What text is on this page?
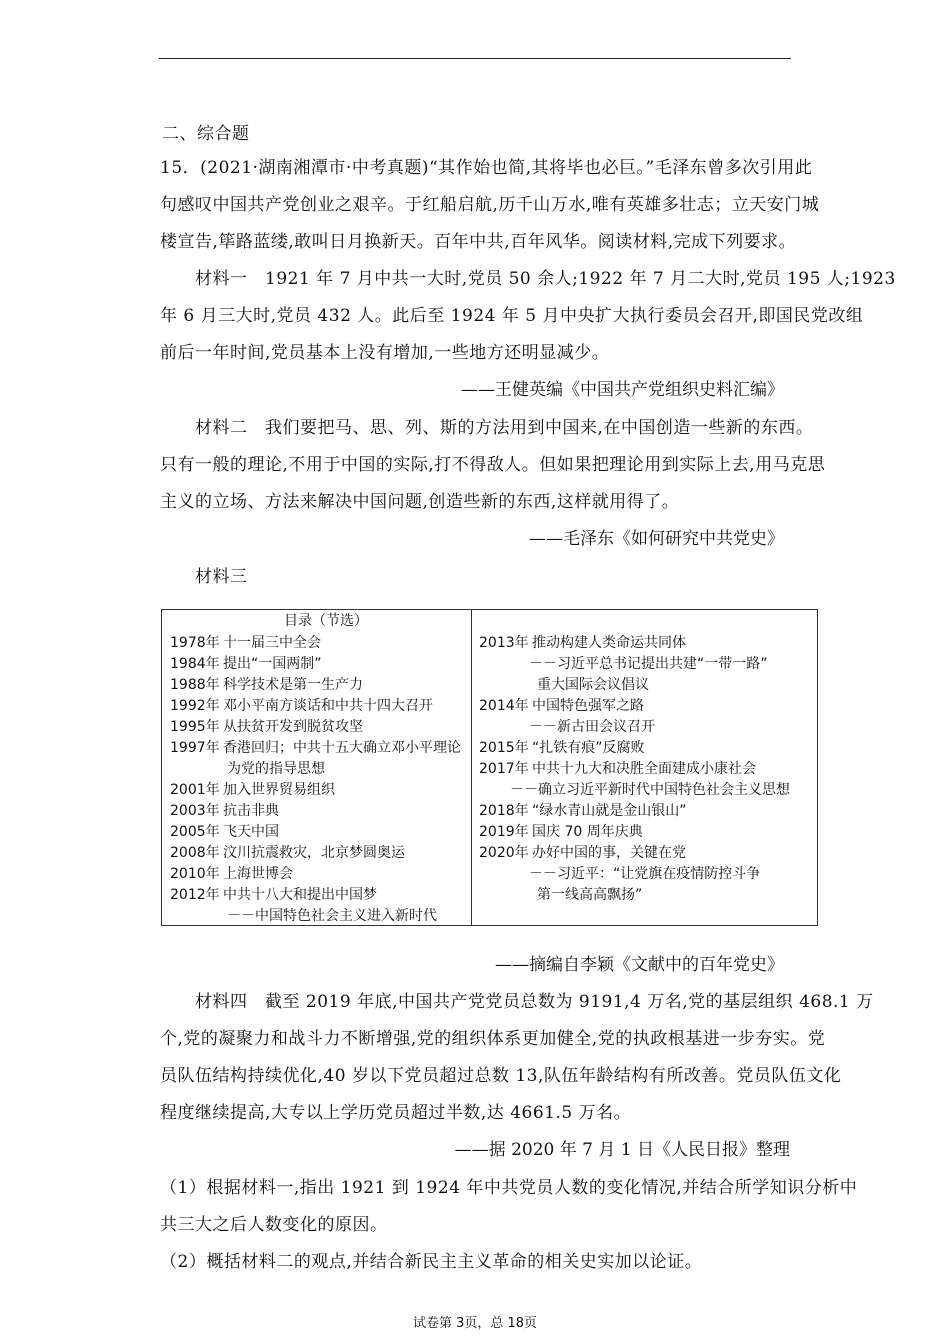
二、综合题
15．(2021·湖南湘潭市·中考真题)“其作始也简,其将毕也必巨。”毛泽东曾多次引用此
句感叹中国共产党创业之艰辛。于红船启航,历千山万水,唯有英雄多壮志；立天安门城
楼宣告,筚路蓝缕,敢叫日月换新天。百年中共,百年风华。阅读材料,完成下列要求。
材料一　1921 年 7 月中共一大时,党员 50 余人;1922 年 7 月二大时,党员 195 人;1923
年 6 月三大时,党员 432 人。此后至 1924 年 5 月中央扩大执行委员会召开,即国民党改组
前后一年时间,党员基本上没有增加,一些地方还明显减少。
——王健英编《中国共产党组织史料汇编》
材料二　我们要把马、思、列、斯的方法用到中国来,在中国创造一些新的东西。
只有一般的理论,不用于中国的实际,打不得敌人。但如果把理论用到实际上去,用马克思
主义的立场、方法来解决中国问题,创造些新的东西,这样就用得了。
——毛泽东《如何研究中共党史》
材料三
目录（节选）
1978年 十一届三中全会
1984年 提出“一国两制”
1988年 科学技术是第一生产力
1992年 邓小平南方谈话和中共十四大召开
1995年 从扶贫开发到脱贫攻坚
1997年 香港回归；中共十五大确立邓小平理论
为党的指导思想
2001年 加入世界贸易组织
2003年 抗击非典
2005年 飞天中国
2008年 汶川抗震救灾，北京梦圆奥运
2010年 上海世博会
2012年 中共十八大和提出中国梦
－－中国特色社会主义进入新时代
2013年 推动构建人类命运共同体
－－习近平总书记提出共建“一带一路”
重大国际会议倡议
2014年 中国特色强军之路
－－新古田会议召开
2015年 “扎铁有痕”反腐败
2017年 中共十九大和决胜全面建成小康社会
－－确立习近平新时代中国特色社会主义思想
2018年 “绿水青山就是金山银山”
2019年 国庆 70 周年庆典
2020年 办好中国的事，关键在党
－－习近平：“让党旗在疫情防控斗争
第一线高高飘扬”
——摘编自李颖《文献中的百年党史》
材料四　截至 2019 年底,中国共产党党员总数为 9191,4 万名,党的基层组织 468.1 万
个,党的凝聚力和战斗力不断增强,党的组织体系更加健全,党的执政根基进一步夯实。党
员队伍结构持续优化,40 岁以下党员超过总数 13,队伍年龄结构有所改善。党员队伍文化
程度继续提高,大专以上学历党员超过半数,达 4661.5 万名。
——据 2020 年 7 月 1 日《人民日报》整理
（1）根据材料一,指出 1921 到 1924 年中共党员人数的变化情况,并结合所学知识分析中
共三大之后人数变化的原因。
（2）概括材料二的观点,并结合新民主主义革命的相关史实加以论证。
试卷第 3页，总 18页
